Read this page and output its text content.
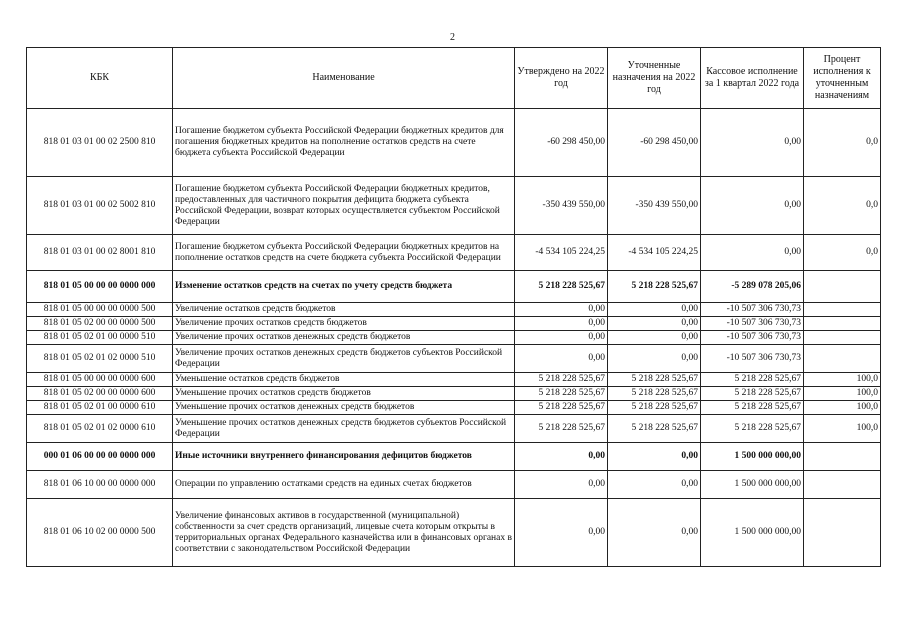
2
КБК	Наименование	Утверждено на 2022 год	Уточненные назначения на 2022 год	Кассовое исполнение за 1 квартал 2022 года	Процент исполнения к уточненным назначениям
818 01 03 01 00 02 2500 810	Погашение бюджетом субъекта Российской Федерации бюджетных кредитов для погашения бюджетных кредитов на пополнение остатков средств на счете бюджета субъекта Российской Федерации	-60 298 450,00	-60 298 450,00	0,00	0,0
818 01 03 01 00 02 5002 810	Погашение бюджетом субъекта Российской Федерации бюджетных кредитов, предоставленных для частичного покрытия дефицита бюджета субъекта Российской Федерации, возврат которых осуществляется субъектом Российской Федерации	-350 439 550,00	-350 439 550,00	0,00	0,0
818 01 03 01 00 02 8001 810	Погашение бюджетом субъекта Российской Федерации бюджетных кредитов на пополнение остатков средств на счете бюджета субъекта Российской Федерации	-4 534 105 224,25	-4 534 105 224,25	0,00	0,0
818 01 05 00 00 00 0000 000	Изменение остатков средств на счетах по учету средств бюджета	5 218 228 525,67	5 218 228 525,67	-5 289 078 205,06	
818 01 05 00 00 00 0000 500	Увеличение остатков средств бюджетов	0,00	0,00	-10 507 306 730,73	
818 01 05 02 00 00 0000 500	Увеличение прочих остатков средств бюджетов	0,00	0,00	-10 507 306 730,73	
818 01 05 02 01 00 0000 510	Увеличение прочих остатков денежных средств бюджетов	0,00	0,00	-10 507 306 730,73	
818 01 05 02 01 02 0000 510	Увеличение прочих остатков денежных средств бюджетов субъектов Российской Федерации	0,00	0,00	-10 507 306 730,73	
818 01 05 00 00 00 0000 600	Уменьшение остатков средств бюджетов	5 218 228 525,67	5 218 228 525,67	5 218 228 525,67	100,0
818 01 05 02 00 00 0000 600	Уменьшение прочих остатков средств бюджетов	5 218 228 525,67	5 218 228 525,67	5 218 228 525,67	100,0
818 01 05 02 01 00 0000 610	Уменьшение прочих остатков денежных средств бюджетов	5 218 228 525,67	5 218 228 525,67	5 218 228 525,67	100,0
818 01 05 02 01 02 0000 610	Уменьшение прочих остатков денежных средств бюджетов субъектов Российской Федерации	5 218 228 525,67	5 218 228 525,67	5 218 228 525,67	100,0
000 01 06 00 00 00 0000 000	Иные источники внутреннего финансирования дефицитов бюджетов	0,00	0,00	1 500 000 000,00	
818 01 06 10 00 00 0000 000	Операции по управлению остатками средств на единых счетах бюджетов	0,00	0,00	1 500 000 000,00	
818 01 06 10 02 00 0000 500	Увеличение финансовых активов в государственной (муниципальной) собственности за счет средств организаций, лицевые счета которым открыты в территориальных органах Федерального казначейства или в финансовых органах в соответствии с законодательством Российской Федерации	0,00	0,00	1 500 000 000,00	
